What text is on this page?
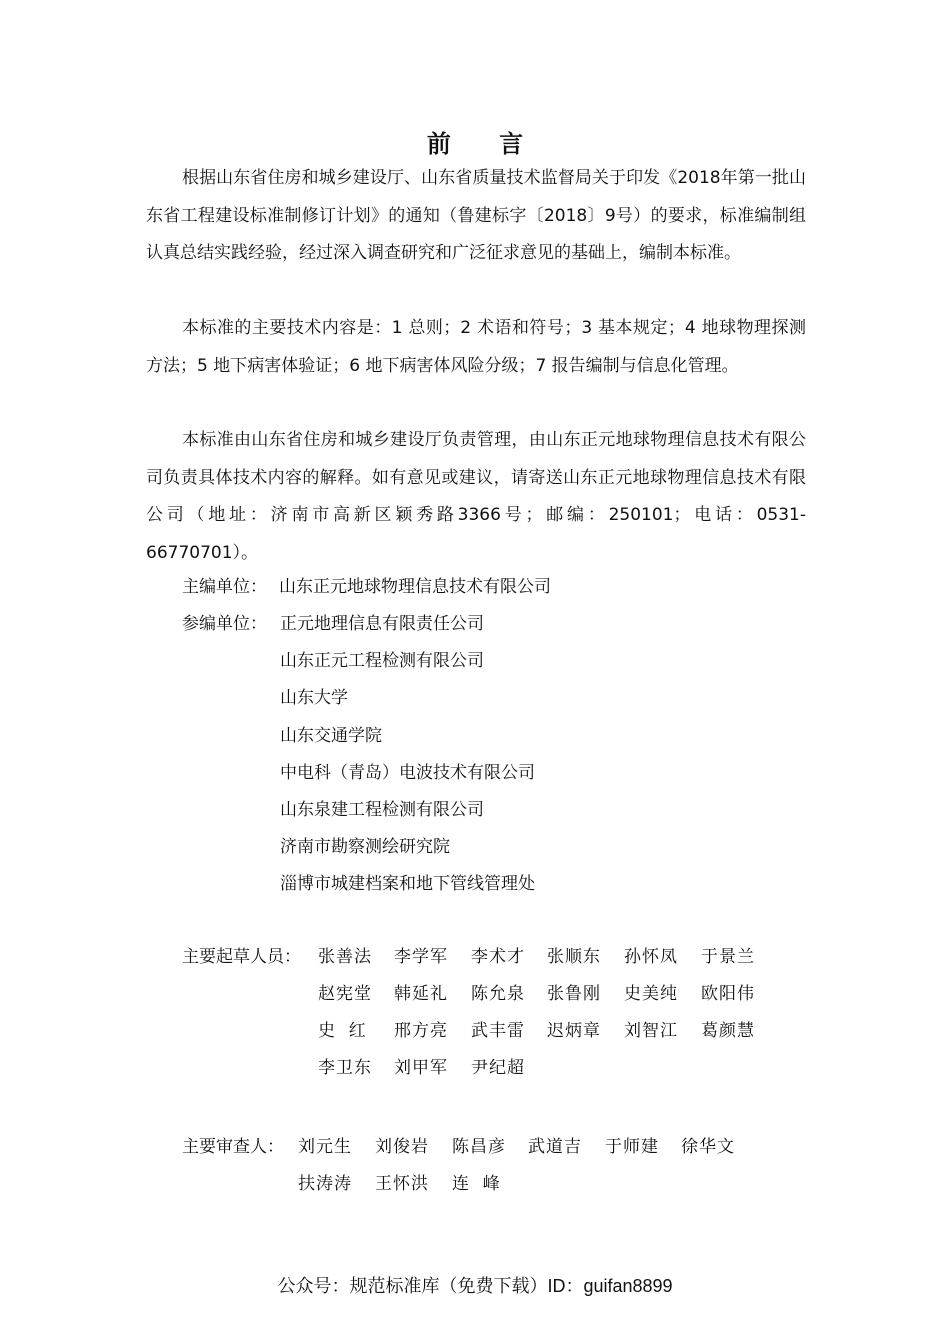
前 言

根据山东省住房和城乡建设厅、山东省质量技术监督局关于印发《2018年第一批山东省工程建设标准制修订计划》的通知（鲁建标字〔2018〕9号）的要求，标准编制组认真总结实践经验，经过深入调查研究和广泛征求意见的基础上，编制本标准。

本标准的主要技术内容是：1 总则；2 术语和符号；3 基本规定；4 地球物理探测方法；5 地下病害体验证；6 地下病害体风险分级；7 报告编制与信息化管理。

本标准由山东省住房和城乡建设厅负责管理，由山东正元地球物理信息技术有限公司负责具体技术内容的解释。如有意见或建议，请寄送山东正元地球物理信息技术有限公司（地址：济南市高新区颖秀路3366号；邮编：250101；电话：0531-66770701）。

主编单位： 山东正元地球物理信息技术有限公司
参编单位： 正元地理信息有限责任公司
山东正元工程检测有限公司
山东大学
山东交通学院
中电科（青岛）电波技术有限公司
山东泉建工程检测有限公司
济南市勘察测绘研究院
淄博市城建档案和地下管线管理处
主要起草人员： 张善法 李学军 李术才 张顺东 孙怀凤 于景兰
赵宪堂 韩延礼 陈允泉 张鲁刚 史美纯 欧阳伟
史  红 邢方亮 武丰雷 迟炳章 刘智江 葛颜慧
李卫东 刘甲军 尹纪超
主要审查人： 刘元生 刘俊岩 陈昌彦 武道吉 于师建 徐华文
扶涛涛 王怀洪 连  峰
公众号：规范标准库（免费下载）ID：guifan8899
